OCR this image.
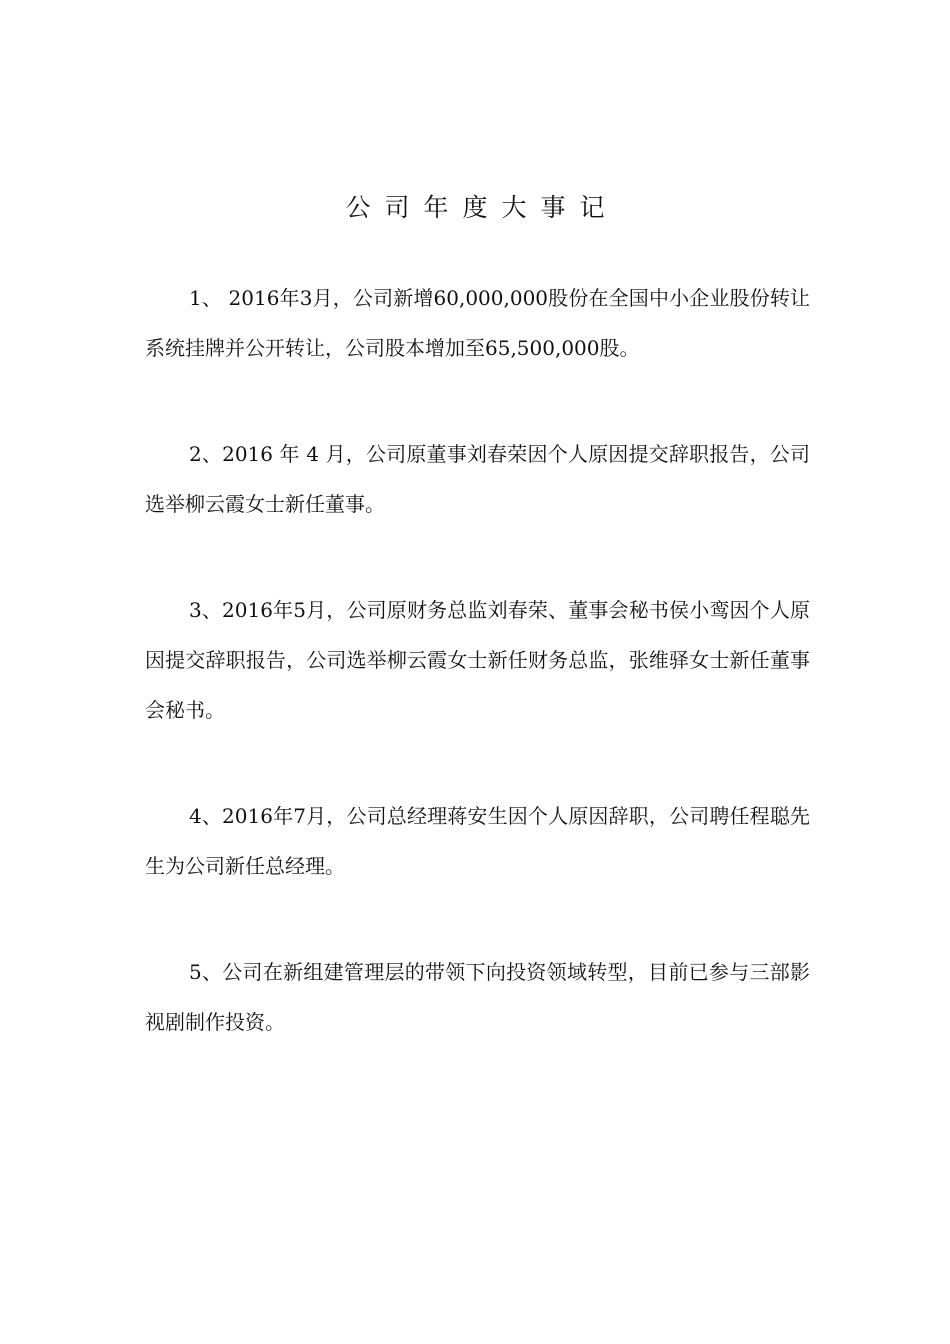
公司年度大事记

1、 2016年3月，公司新增60,000,000股份在全国中小企业股份转让系统挂牌并公开转让，公司股本增加至65,500,000股。

2、2016 年 4 月，公司原董事刘春荣因个人原因提交辞职报告，公司选举柳云霞女士新任董事。

3、2016年5月，公司原财务总监刘春荣、董事会秘书侯小鸾因个人原因提交辞职报告，公司选举柳云霞女士新任财务总监，张维驿女士新任董事会秘书。

4、2016年7月，公司总经理蒋安生因个人原因辞职，公司聘任程聪先生为公司新任总经理。

5、公司在新组建管理层的带领下向投资领域转型，目前已参与三部影视剧制作投资。
